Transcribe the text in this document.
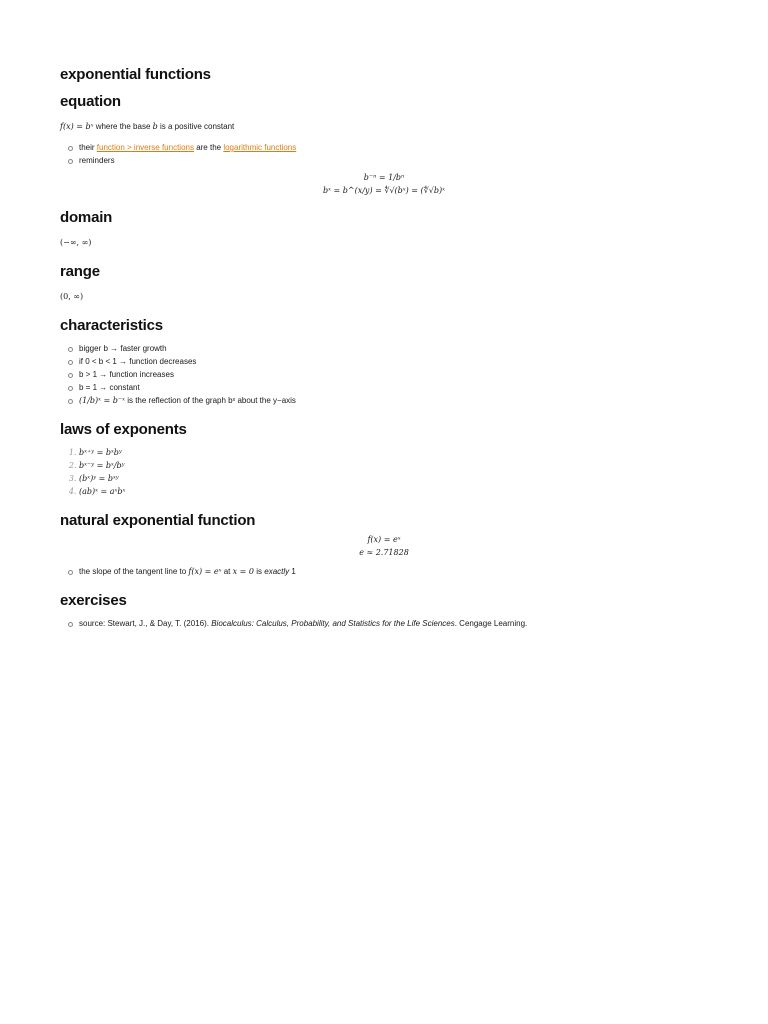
exponential functions
equation

f(x) = bˣ where the base b is a positive constant

their function > inverse functions are the logarithmic functions
reminders
b⁻ⁿ = 1/bⁿ
bˣ = b^(x/y) = ∜√(bˣ) = (∜√b)ˣ
domain

(−∞, ∞)

range

(0, ∞)

characteristics
bigger b → faster growth
if 0 < b < 1 → function decreases
b > 1 → function increases
b = 1 → constant
(1/b)ˣ = b⁻ˣ is the reflection of the graph bˣ about the y−axis
laws of exponents
1. bˣ⁺ʸ = bˣbʸ
2. bˣ⁻ʸ = bˣ/bʸ
3. (bˣ)ʸ = bˣʸ
4. (ab)ˣ = aˣbˣ
natural exponential function
f(x) = eˣ
e ≈ 2.71828
the slope of the tangent line to f(x) = eˣ at x = 0 is exactly 1
exercises
source: Stewart, J., & Day, T. (2016). Biocalculus: Calculus, Probability, and Statistics for the Life Sciences. Cengage Learning.
